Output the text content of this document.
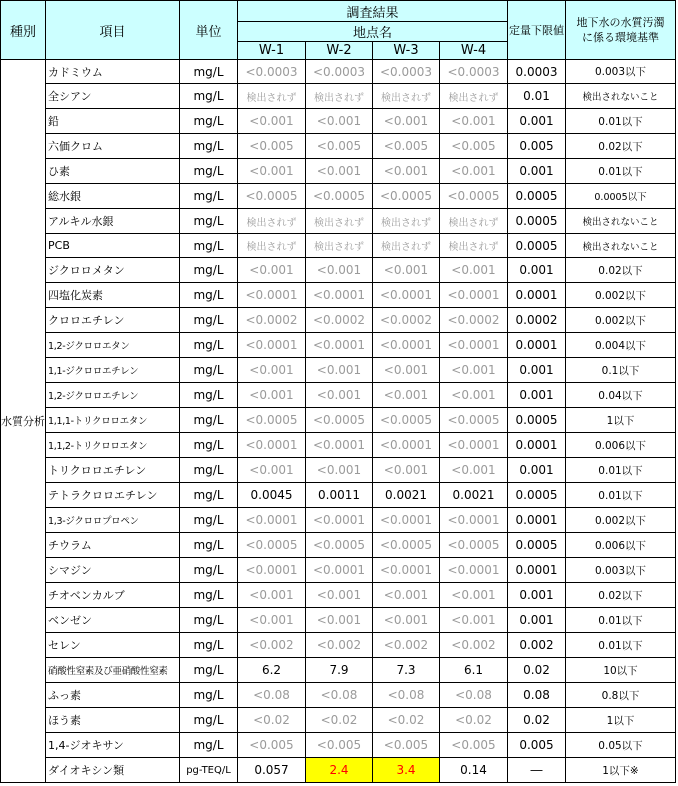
種別	項目	単位	調査結果				定量下限値	地下水の水質汚濁
に係る環境基準

			地点名					
			W-1	W-2	W-3	W-4		
水質分析	カドミウム	mg/L	<0.0003	<0.0003	<0.0003	<0.0003	0.0003	0.003以下
	全シアン	mg/L	検出されず	検出されず	検出されず	検出されず	0.01	検出されないこと
	鉛	mg/L	<0.001	<0.001	<0.001	<0.001	0.001	0.01以下
	六価クロム	mg/L	<0.005	<0.005	<0.005	<0.005	0.005	0.02以下
	ひ素	mg/L	<0.001	<0.001	<0.001	<0.001	0.001	0.01以下
	総水銀	mg/L	<0.0005	<0.0005	<0.0005	<0.0005	0.0005	0.0005以下
	アルキル水銀	mg/L	検出されず	検出されず	検出されず	検出されず	0.0005	検出されないこと
	PCB	mg/L	検出されず	検出されず	検出されず	検出されず	0.0005	検出されないこと
	ジクロロメタン	mg/L	<0.001	<0.001	<0.001	<0.001	0.001	0.02以下
	四塩化炭素	mg/L	<0.0001	<0.0001	<0.0001	<0.0001	0.0001	0.002以下
	クロロエチレン	mg/L	<0.0002	<0.0002	<0.0002	<0.0002	0.0002	0.002以下
	1,2-ジクロロエタン	mg/L	<0.0001	<0.0001	<0.0001	<0.0001	0.0001	0.004以下
	1,1-ジクロロエチレン	mg/L	<0.001	<0.001	<0.001	<0.001	0.001	0.1以下
	1,2-ジクロロエチレン	mg/L	<0.001	<0.001	<0.001	<0.001	0.001	0.04以下
	1,1,1-トリクロロエタン	mg/L	<0.0005	<0.0005	<0.0005	<0.0005	0.0005	1以下
	1,1,2-トリクロロエタン	mg/L	<0.0001	<0.0001	<0.0001	<0.0001	0.0001	0.006以下
	トリクロロエチレン	mg/L	<0.001	<0.001	<0.001	<0.001	0.001	0.01以下
	テトラクロロエチレン	mg/L	0.0045	0.0011	0.0021	0.0021	0.0005	0.01以下
	1,3-ジクロロプロペン	mg/L	<0.0001	<0.0001	<0.0001	<0.0001	0.0001	0.002以下
	チウラム	mg/L	<0.0005	<0.0005	<0.0005	<0.0005	0.0005	0.006以下
	シマジン	mg/L	<0.0001	<0.0001	<0.0001	<0.0001	0.0001	0.003以下
	チオベンカルブ	mg/L	<0.001	<0.001	<0.001	<0.001	0.001	0.02以下
	ベンゼン	mg/L	<0.001	<0.001	<0.001	<0.001	0.001	0.01以下
	セレン	mg/L	<0.002	<0.002	<0.002	<0.002	0.002	0.01以下
	硝酸性窒素及び亜硝酸性窒素	mg/L	6.2	7.9	7.3	6.1	0.02	10以下
	ふっ素	mg/L	<0.08	<0.08	<0.08	<0.08	0.08	0.8以下
	ほう素	mg/L	<0.02	<0.02	<0.02	<0.02	0.02	1以下
	1,4-ジオキサン	mg/L	<0.005	<0.005	<0.005	<0.005	0.005	0.05以下
	ダイオキシン類	pg-TEQ/L	0.057	2.4	3.4	0.14	―	1以下※
